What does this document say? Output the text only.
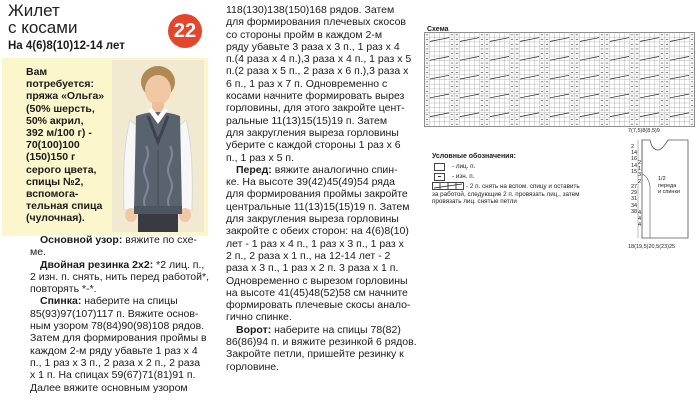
Жилет
с косами	22
На 4(6)8(10)12-14 лет
Вам
потребуется:
пряжа «Ольга»
(50% шерсть,
50% акрил,
392 м/100 г) -
70(100)100
(150)150 г
серого цвета,
спицы №2,
вспомога-
тельная спица
(чулочная).
Основной узор: вяжите по схе-
ме.
Двойная резинка 2х2: *2 лиц. п.,
2 изн. п. снять, нить перед работой*,
повторять *-*.
Спинка: наберите на спицы
85(93)97(107)117 п. Вяжите основ-
ным узором 78(84)90(98)108 рядов.
Затем для формирования проймы в
каждом 2-м ряду убавьте 1 раз х 4
п., 1 раз х 3 п., 2 раза х 2 п., 2 раза
х 1 п. На спицах 59(67)71(81)91 п.
Далее вяжите основным узором
118(130)138(150)168 рядов. Затем
для формирования плечевых скосов
со стороны пройм в каждом 2-м
ряду убавьте 3 раза х 3 п., 1 раз х 4
п.(4 раза х 4 п.),3 раза х 4 п., 1 раз х 5
п.(2 раза х 5 п., 2 раза х 6 п.),3 раза х
6 п., 1 раз х 7 п. Одновременно с
косами начните формировать вырез
горловины, для этого закройте цент-
ральные 11(13)15(15)19 п. Затем
для закругления выреза горловины
уберите с каждой стороны 1 раз х 6
п., 1 раз х 5 п.
Перед: вяжите аналогично спин-
ке. На высоте 39(42)45(49)54 ряда
для формирования проймы закройте
центральные 11(13)15(15)19 п. Затем
для закругления выреза горловины
закройте с обеих сторон: на 4(6)8(10)
лет - 1 раз х 4 п., 1 раз х 3 п., 1 раз х
2 п., 2 раза х 1 п., на 12-14 лет - 2
раза х 3 п., 1 раз х 2 п. 3 раза х 1 п.
Одновременно с вырезом горловины
на высоте 41(45)48(52)58 см начните
формировать плечевые скосы анало-
гично спинке.
Ворот: наберите на спицы 78(82)
86(86)94 п. и вяжите резинкой 6 рядов.
Закройте петли, пришейте резинку к
горловине.
Схема
Условные обозначения:
- лиц. п.
- изн. п.
- 2 п. снять на вспом. спицу и оставить
за работой, следующие 2 п. провязать лиц., затем
провязать лиц. снятые петли
7(7,5)8(8,5)9
2
14
16
14
15
27
29
31
34
38
2
1
3
2
4
4
4
1/2
переда
и спинки
18(19,5)20,5(23)25
